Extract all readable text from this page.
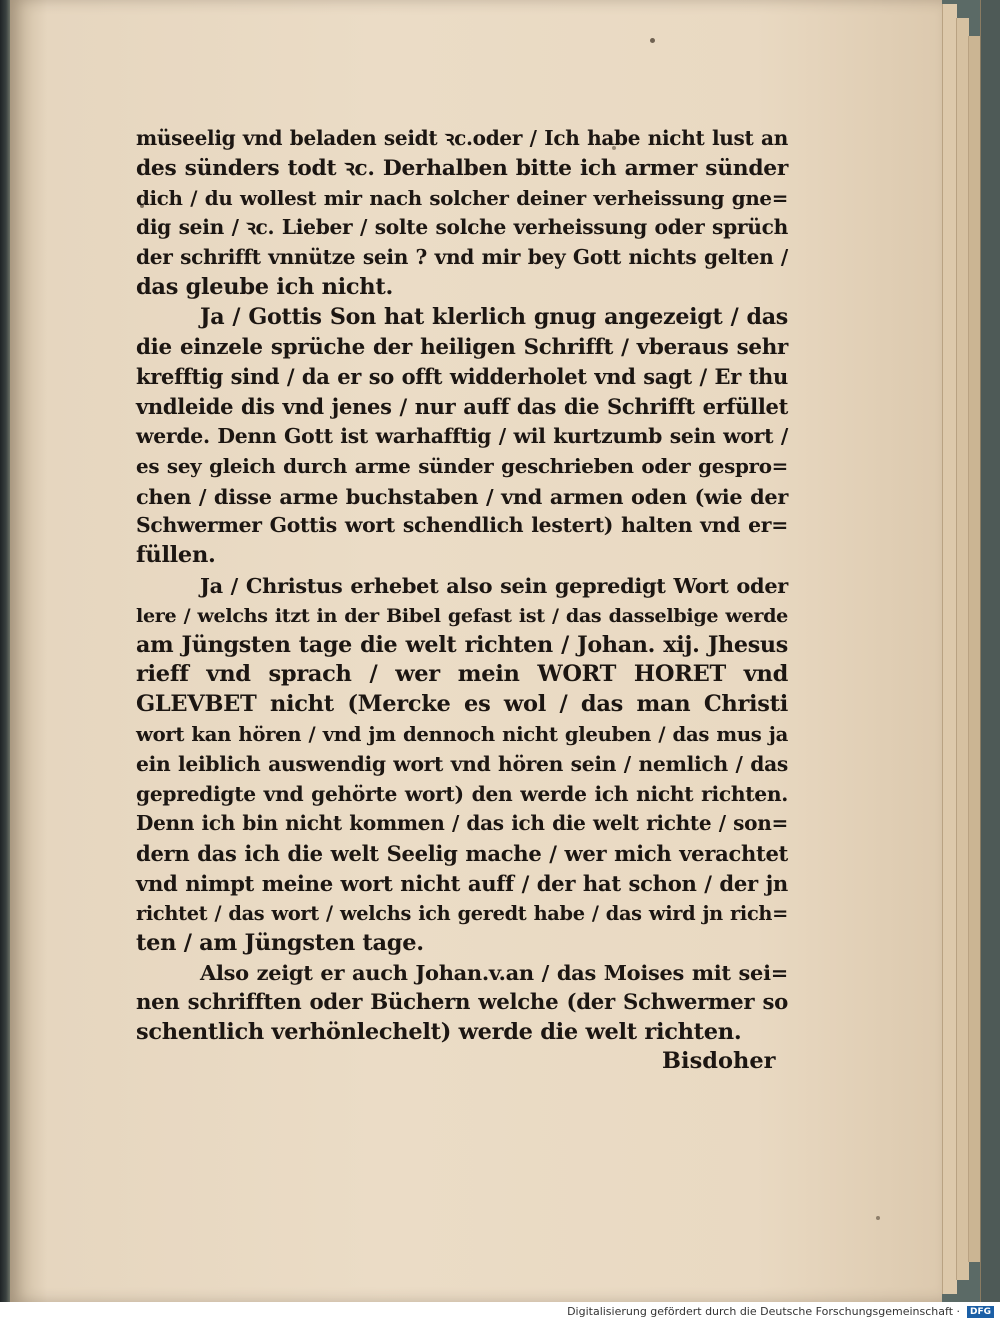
müseelig vnd beladen seidt ꝛc.oder / Ich habe nicht lust an
des sünders todt ꝛc. Derhalben bitte ich armer sünder
dich / du wollest mir nach solcher deiner verheissung gne=
dig sein / ꝛc. Lieber / solte solche verheissung oder sprüch
der schrifft vnnütze sein ? vnd mir bey Gott nichts gelten /
das gleube ich nicht.
Ja / Gottis Son hat klerlich gnug angezeigt / das
die einzele sprüche der heiligen Schrifft / vberaus sehr
krefftig sind / da er so offt widderholet vnd sagt / Er thu
vndleide dis vnd jenes / nur auff das die Schrifft erfüllet
werde. Denn Gott ist warhafftig / wil kurtzumb sein wort /
es sey gleich durch arme sünder geschrieben oder gespro=
chen / disse arme buchstaben / vnd armen oden (wie der
Schwermer Gottis wort schendlich lestert) halten vnd er=
füllen.
Ja / Christus erhebet also sein gepredigt Wort oder
lere / welchs itzt in der Bibel gefast ist / das dasselbige werde
am Jüngsten tage die welt richten / Johan. xij. Jhesus
rieff vnd sprach / wer mein WORT HORET vnd
GLEVBET nicht (Mercke es wol / das man Christi
wort kan hören / vnd jm dennoch nicht gleuben / das mus ja
ein leiblich auswendig wort vnd hören sein / nemlich / das
gepredigte vnd gehörte wort) den werde ich nicht richten.
Denn ich bin nicht kommen / das ich die welt richte / son=
dern das ich die welt Seelig mache / wer mich verachtet
vnd nimpt meine wort nicht auff / der hat schon / der jn
richtet / das wort / welchs ich geredt habe / das wird jn rich=
ten / am Jüngsten tage.
Also zeigt er auch Johan.v.an / das Moises mit sei=
nen schrifften oder Büchern welche (der Schwermer so
schentlich verhönlechelt) werde die welt richten.
Bisdoher
Digitalisierung gefördert durch die Deutsche Forschungsgemeinschaft ·	DFG
